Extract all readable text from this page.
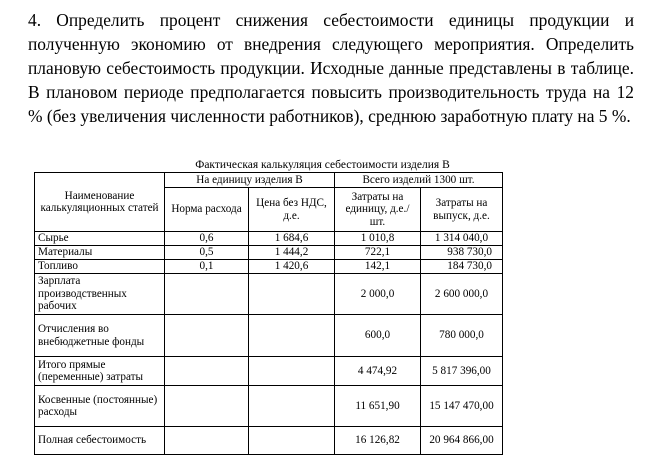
4. Определить процент снижения себестоимости единицы продукции и полученную экономию от внедрения следующего мероприятия. Определить плановую себестоимость продукции. Исходные данные представлены в таблице. В плановом периоде предполагается повысить производительность труда на 12 % (без увеличения численности работников), среднюю заработную плату на 5 %.

Фактическая калькуляция себестоимости изделия В
Наименование калькуляционных статей	На единицу изделия В		Всего изделий 1300 шт.	
	Норма расхода	Цена без НДС, д.е.	Затраты на единицу, д.е./шт.	Затраты на выпуск, д.е.
Сырье	0,6	1 684,6	1 010,8	1 314 040,0
Материалы	0,5	1 444,2	722,1	938 730,0
Топливо	0,1	1 420,6	142,1	184 730,0
Зарплата производственных рабочих			2 000,0	2 600 000,0
Отчисления во внебюджетные фонды			600,0	780 000,0
Итого прямые (переменные) затраты			4 474,92	5 817 396,00
Косвенные (постоянные) расходы			11 651,90	15 147 470,00
Полная себестоимость			16 126,82	20 964 866,00
